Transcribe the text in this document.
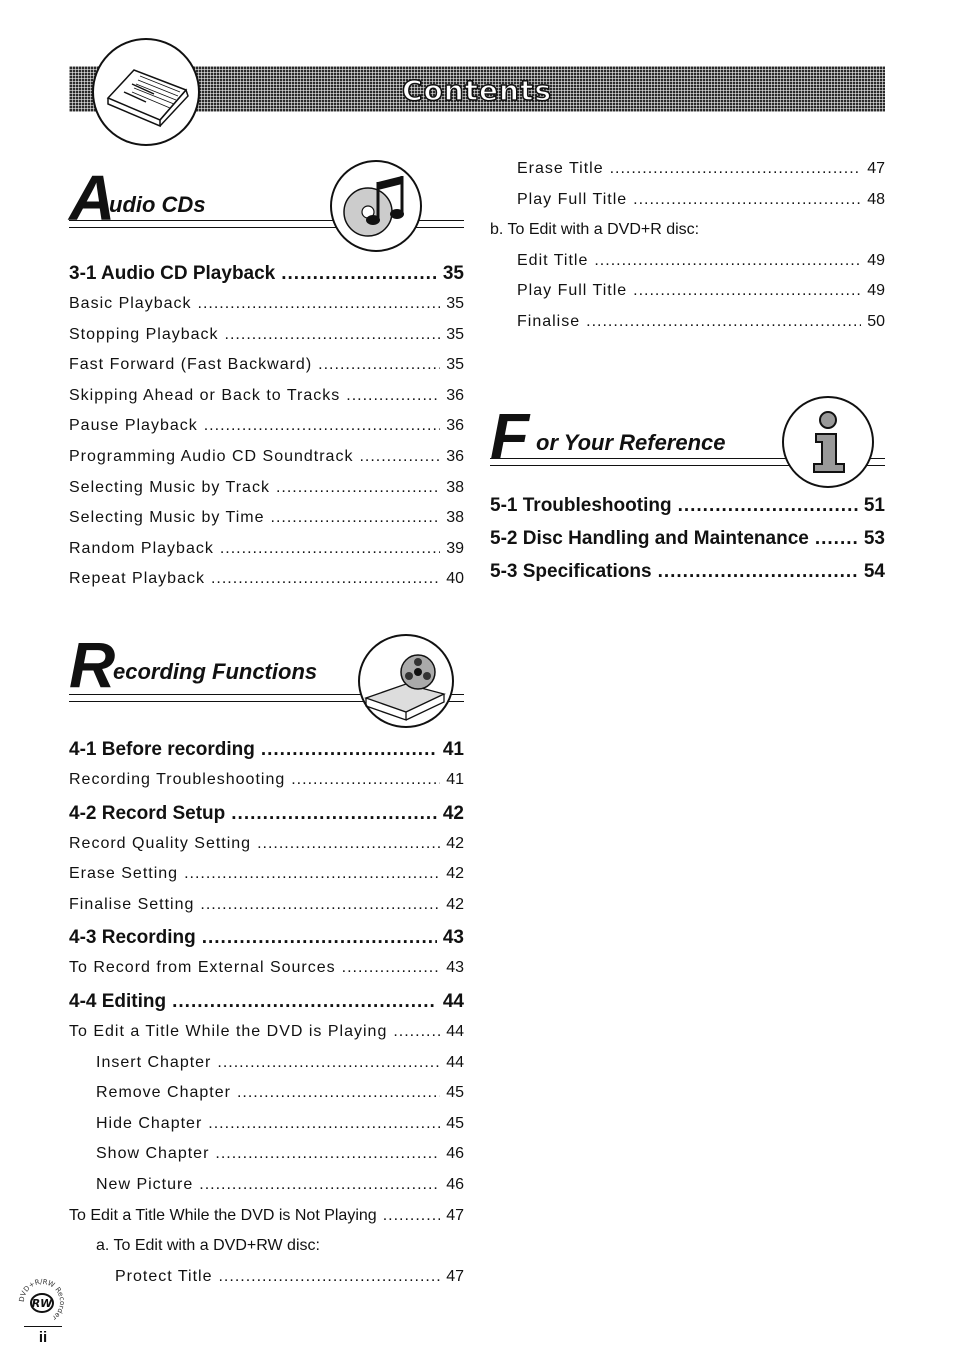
Contents
A
udio CDs
3-1 Audio CD Playback .....	35
Basic Playback .....	35
Stopping Playback .....	35
Fast Forward (Fast Backward) .....	35
Skipping Ahead or Back to Tracks .....	36
Pause Playback .....	36
Programming Audio CD Soundtrack .....	36
Selecting Music by Track .....	38
Selecting Music by Time .....	38
Random Playback .....	39
Repeat Playback .....	40
R
ecording Functions
4-1 Before recording .....	41
Recording Troubleshooting .....	41
4-2 Record Setup .....	42
Record Quality Setting .....	42
Erase Setting .....	42
Finalise Setting .....	42
4-3 Recording .....	43
To Record from External Sources .....	43
4-4 Editing .....	44
To Edit a Title While the DVD is Playing .....	44
Insert Chapter .....	44
Remove Chapter .....	45
Hide Chapter .....	45
Show Chapter .....	46
New Picture .....	46
To Edit a Title While the DVD is Not Playing .....	47
a. To Edit with a DVD+RW disc:
Protect Title .....	47
Erase Title .....	47
Play Full Title .....	48
b. To Edit with a DVD+R disc:
Edit Title .....	49
Play Full Title .....	49
Finalise .....	50
F or Your Reference
5-1 Troubleshooting .....	51
5-2 Disc Handling and Maintenance .....	53
5-3 Specifications .....	54
DVD+R/RW Recorder
RW
ii
